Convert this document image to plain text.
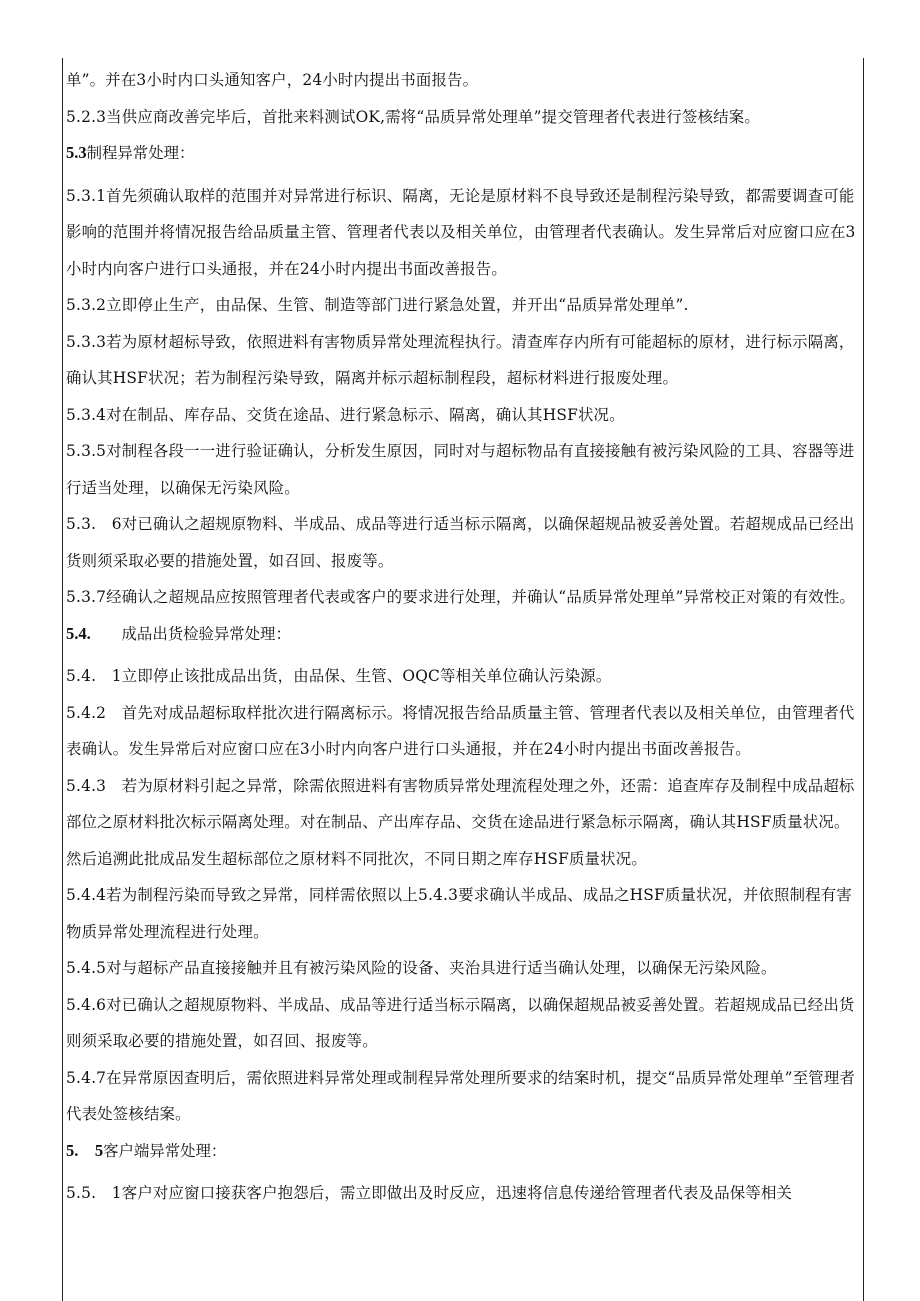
单”。并在3小时内口头通知客户，24小时内提出书面报告。

5.2.3当供应商改善完毕后，首批来料测试OK,需将“品质异常处理单”提交管理者代表进行签核结案。

5.3制程异常处理：

5.3.1首先须确认取样的范围并对异常进行标识、隔离，无论是原材料不良导致还是制程污染导致，都需要调查可能影响的范围并将情况报告给品质量主管、管理者代表以及相关单位，由管理者代表确认。发生异常后对应窗口应在3小时内向客户进行口头通报，并在24小时内提出书面改善报告。

5.3.2立即停止生产，由品保、生管、制造等部门进行紧急处置，并开出“品质异常处理单”.

5.3.3若为原材超标导致，依照进料有害物质异常处理流程执行。清查库存内所有可能超标的原材，进行标示隔离，确认其HSF状况；若为制程污染导致，隔离并标示超标制程段，超标材料进行报废处理。

5.3.4对在制品、库存品、交货在途品、进行紧急标示、隔离，确认其HSF状况。

5.3.5对制程各段一一进行验证确认，分析发生原因，同时对与超标物品有直接接触有被污染风险的工具、容器等进行适当处理，以确保无污染风险。

5.3.　6对已确认之超规原物料、半成品、成品等进行适当标示隔离，以确保超规品被妥善处置。若超规成品已经出货则须采取必要的措施处置，如召回、报废等。

5.3.7经确认之超规品应按照管理者代表或客户的要求进行处理，并确认“品质异常处理单”异常校正对策的有效性。

5.4.　　成品出货检验异常处理：

5.4.　1立即停止该批成品出货，由品保、生管、OQC等相关单位确认污染源。

5.4.2　首先对成品超标取样批次进行隔离标示。将情况报告给品质量主管、管理者代表以及相关单位，由管理者代表确认。发生异常后对应窗口应在3小时内向客户进行口头通报，并在24小时内提出书面改善报告。

5.4.3　若为原材料引起之异常，除需依照进料有害物质异常处理流程处理之外，还需：追查库存及制程中成品超标部位之原材料批次标示隔离处理。对在制品、产出库存品、交货在途品进行紧急标示隔离，确认其HSF质量状况。然后追溯此批成品发生超标部位之原材料不同批次，不同日期之库存HSF质量状况。

5.4.4若为制程污染而导致之异常，同样需依照以上5.4.3要求确认半成品、成品之HSF质量状况，并依照制程有害物质异常处理流程进行处理。

5.4.5对与超标产品直接接触并且有被污染风险的设备、夹治具进行适当确认处理，以确保无污染风险。

5.4.6对已确认之超规原物料、半成品、成品等进行适当标示隔离，以确保超规品被妥善处置。若超规成品已经出货则须采取必要的措施处置，如召回、报废等。

5.4.7在异常原因查明后，需依照进料异常处理或制程异常处理所要求的结案时机，提交“品质异常处理单”至管理者代表处签核结案。

5.　5客户端异常处理：

5.5.　1客户对应窗口接获客户抱怨后，需立即做出及时反应，迅速将信息传递给管理者代表及品保等相关
